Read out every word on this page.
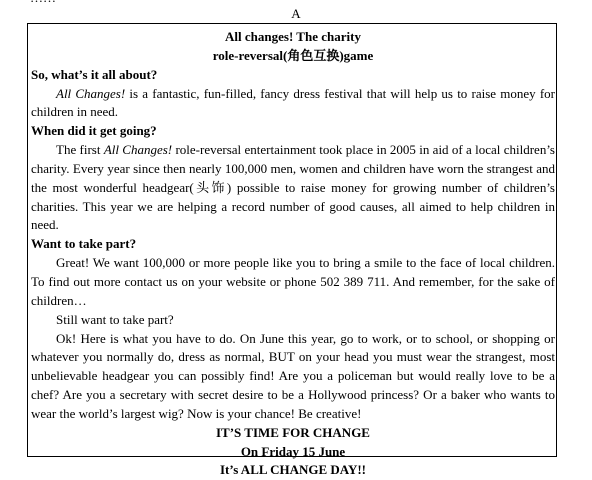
A

All changes! The charity

role-reversal(角色互换)game

So, what’s it all about?

All Changes! is a fantastic, fun-filled, fancy dress festival that will help us to raise money for children in need.

When did it get going?

The first All Changes! role-reversal entertainment took place in 2005 in aid of a local children’s charity. Every year since then nearly 100,000 men, women and children have worn the strangest and the most wonderful headgear(头饰) possible to raise money for growing number of children’s charities. This year we are helping a record number of good causes, all aimed to help children in need.

Want to take part?

Great! We want 100,000 or more people like you to bring a smile to the face of local children. To find out more contact us on your website or phone 502 389 711. And remember, for the sake of children…

Still want to take part?

Ok! Here is what you have to do. On June this year, go to work, or to school, or shopping or whatever you normally do, dress as normal, BUT on your head you must wear the strangest, most unbelievable headgear you can possibly find! Are you a policeman but would really love to be a chef? Are you a secretary with secret desire to be a Hollywood princess? Or a baker who wants to wear the world’s largest wig? Now is your chance! Be creative!

IT’S TIME FOR CHANGE

On Friday 15 June

It’s ALL CHANGE DAY!!
